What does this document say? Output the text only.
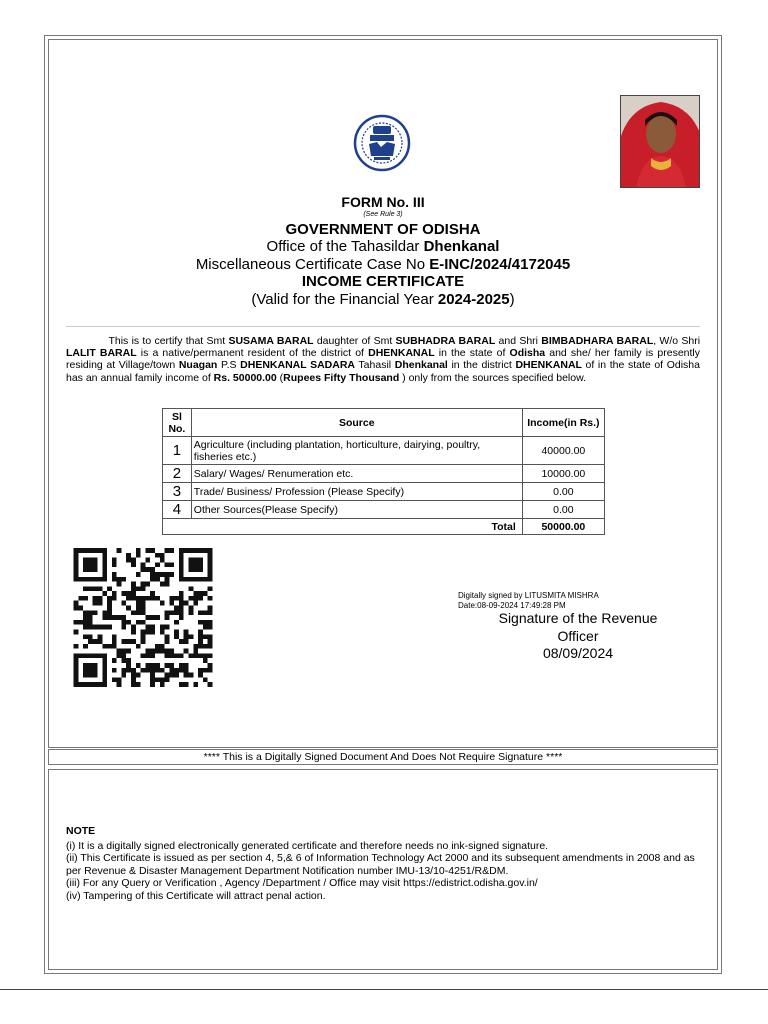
FORM No. III
(See Rule 3)
GOVERNMENT OF ODISHA
Office of the Tahasildar Dhenkanal
Miscellaneous Certificate Case No E-INC/2024/4172045
INCOME CERTIFICATE
(Valid for the Financial Year 2024-2025)
This is to certify that Smt SUSAMA BARAL daughter of Smt SUBHADRA BARAL and Shri BIMBADHARA BARAL, W/o Shri LALIT BARAL is a native/permanent resident of the district of DHENKANAL in the state of Odisha and she/ her family is presently residing at Village/town Nuagan P.S DHENKANAL SADARA Tahasil Dhenkanal in the district DHENKANAL of in the state of Odisha has an annual family income of Rs. 50000.00 (Rupees Fifty Thousand ) only from the sources specified below.
Sl No.	Source	Income(in Rs.)
1	Agriculture (including plantation, horticulture, dairying, poultry, fisheries etc.)	40000.00
2	Salary/ Wages/ Renumeration etc.	10000.00
3	Trade/ Business/ Profession (Please Specify)	0.00
4	Other Sources(Please Specify)	0.00
Total		50000.00
Digitally signed by LITUSMITA MISHRA
Date:08-09-2024 17:49:28 PM
Signature of the Revenue
Officer
08/09/2024
**** This is a Digitally Signed Document And Does Not Require Signature ****
NOTE
(i) It is a digitally signed electronically generated certificate and therefore needs no ink-signed signature.
(ii) This Certificate is issued as per section 4, 5,& 6 of Information Technology Act 2000 and its subsequent amendments in 2008 and as per Revenue & Disaster Management Department Notification number IMU-13/10-4251/R&DM.
(iii) For any Query or Verification , Agency /Department / Office may visit https://edistrict.odisha.gov.in/
(iv) Tampering of this Certificate will attract penal action.
